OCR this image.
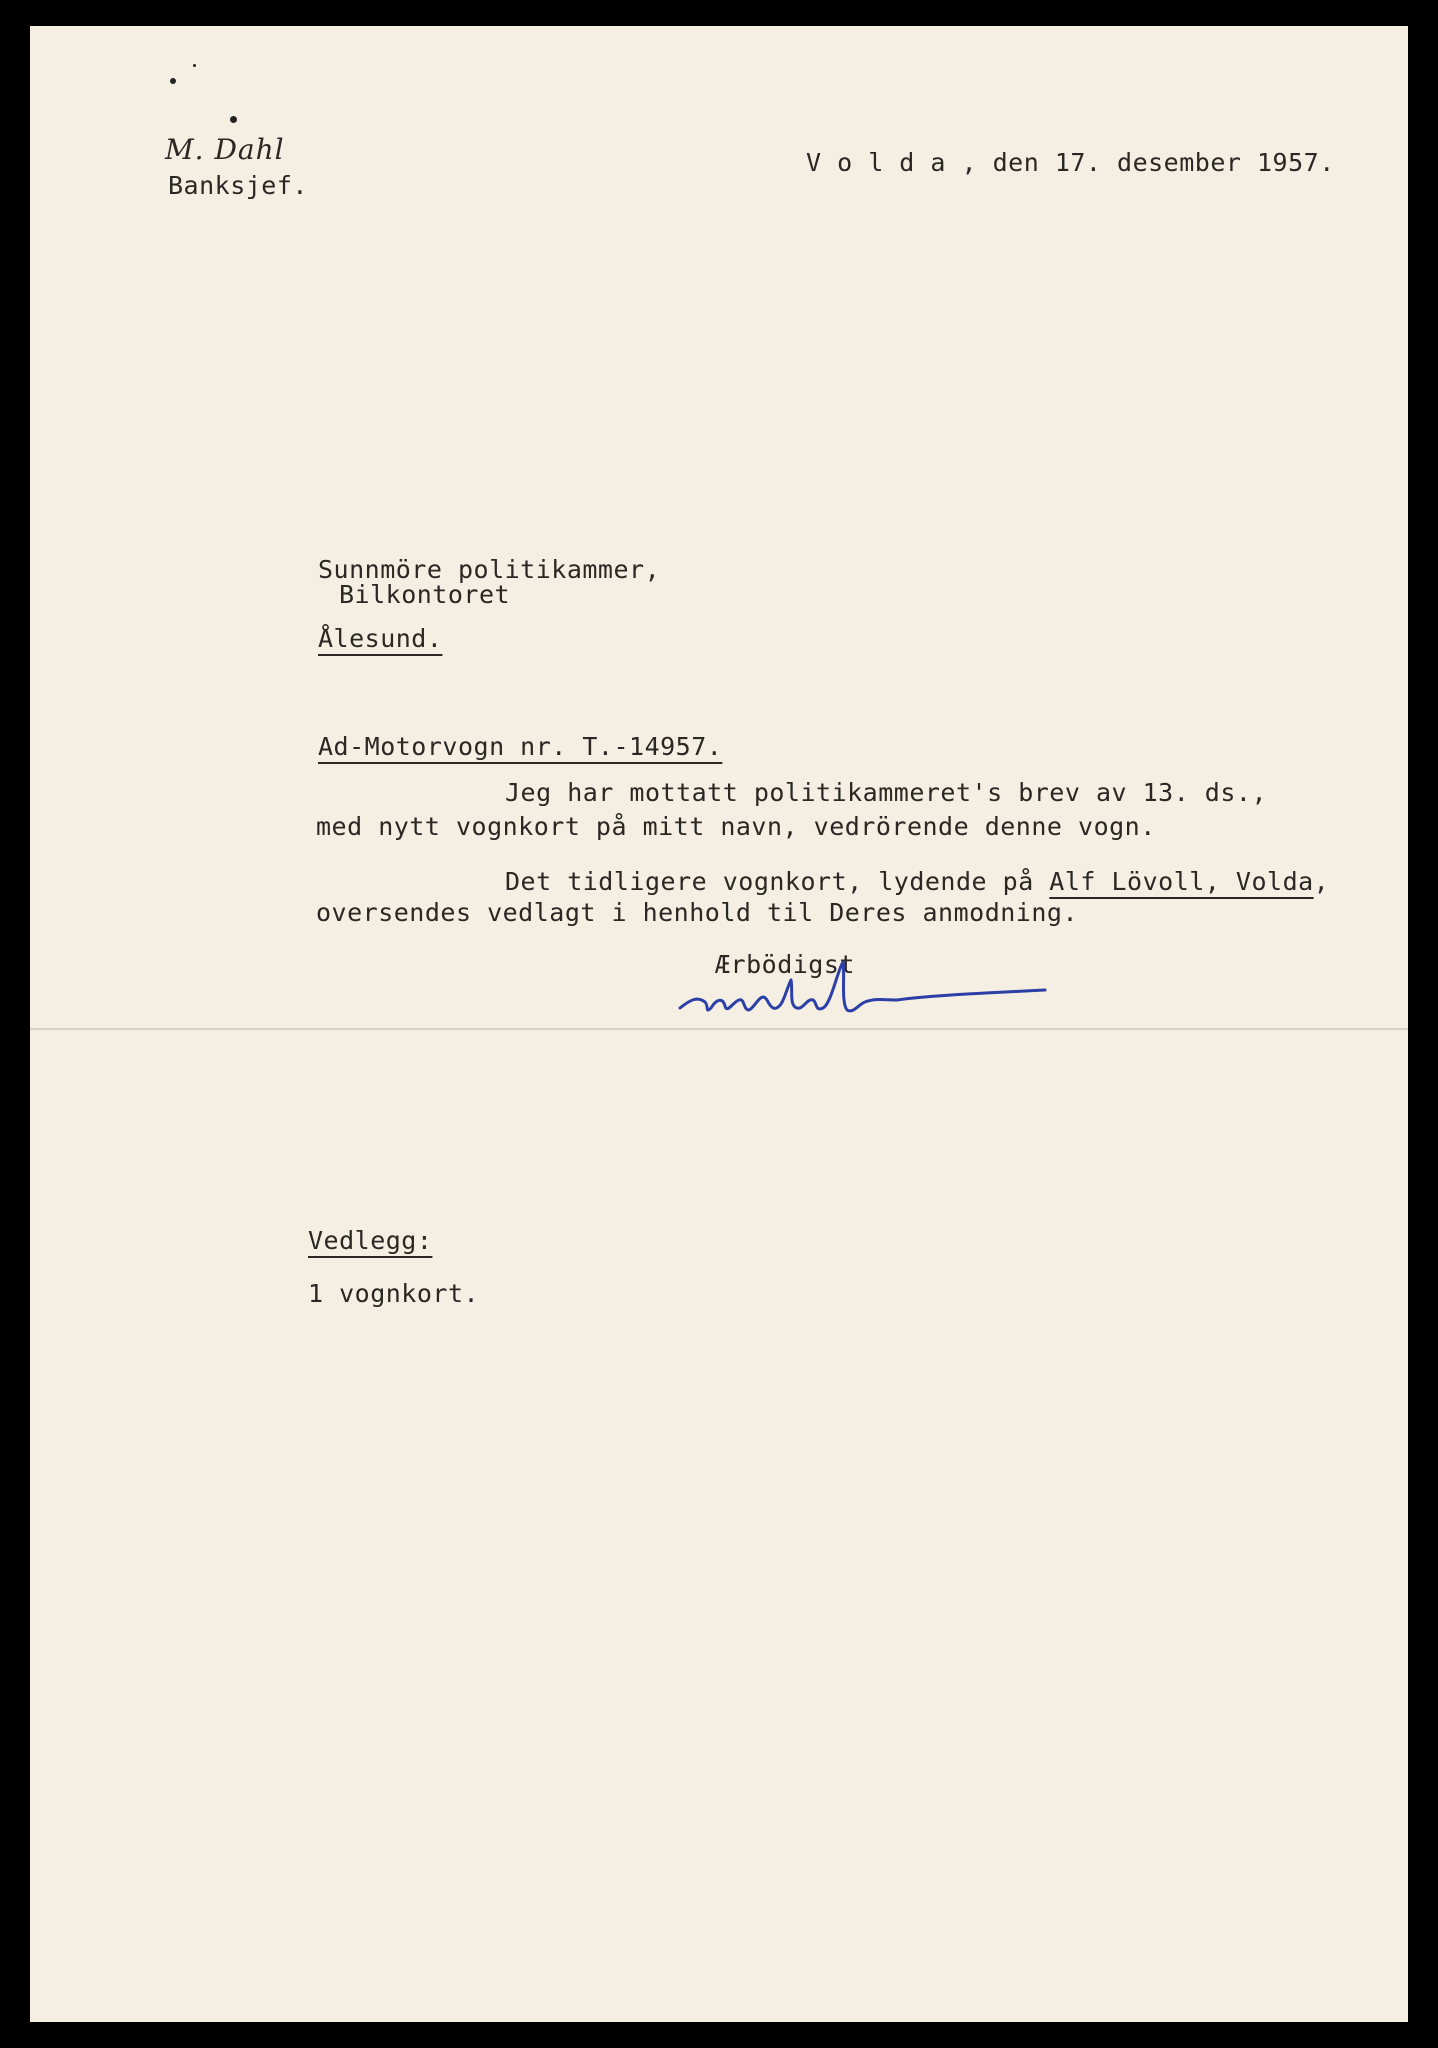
M. Dahl
Banksjef.
V o l d a , den 17. desember 1957.
Sunnmöre politikammer,
Bilkontoret
Ålesund.
Ad-Motorvogn nr. T.-14957.
Jeg har mottatt politikammeret's brev av 13. ds.,
med nytt vognkort på mitt navn, vedrörende denne vogn.
Det tidligere vognkort, lydende på Alf Lövoll, Volda,
oversendes vedlagt i henhold til Deres anmodning.
Ærbödigst
Vedlegg:
1 vognkort.
